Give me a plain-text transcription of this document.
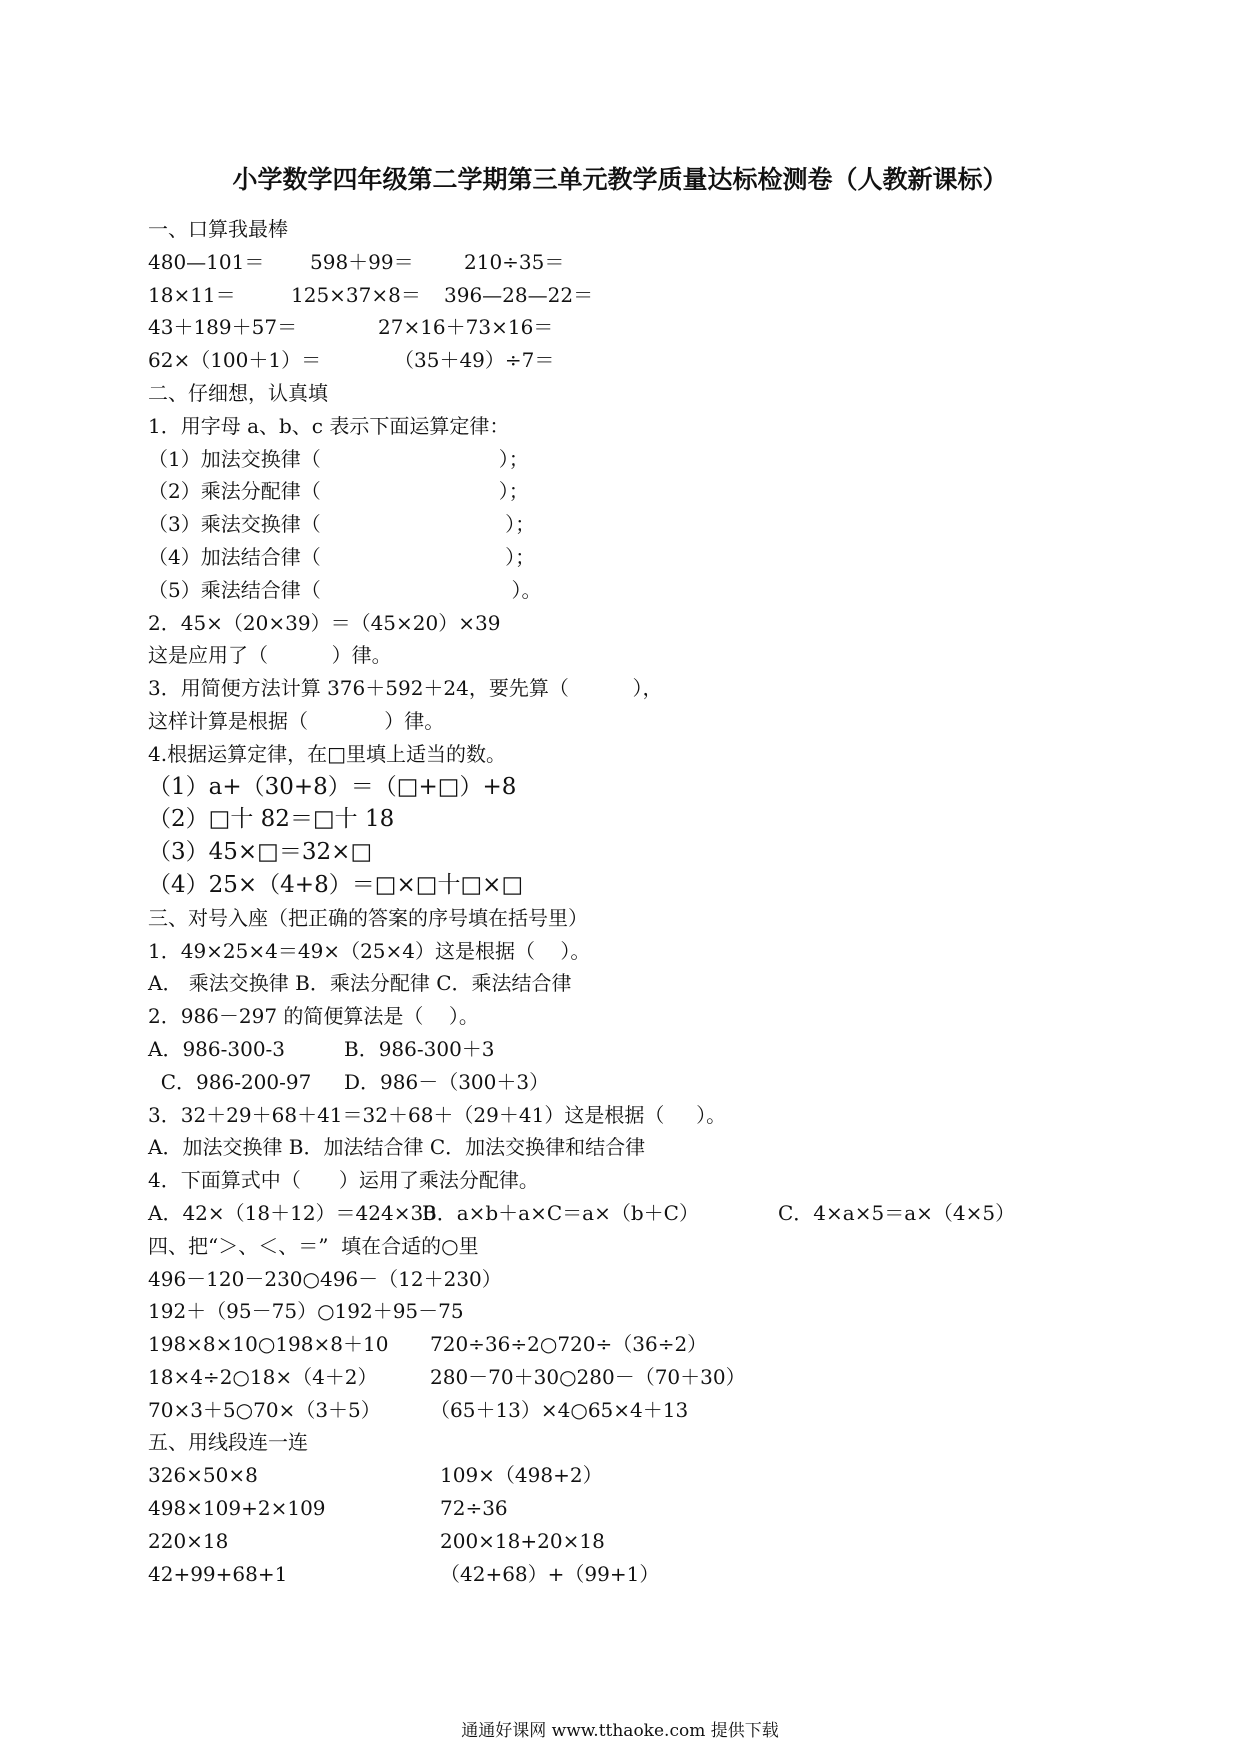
小学数学四年级第二学期第三单元教学质量达标检测卷（人教新课标）
一、口算我最棒
480—101＝ 598＋99＝	210÷35＝
18×11＝	125×37×8＝ 396—28—22＝
43＋189＋57＝	27×16＋73×16＝
62×（100＋1）＝	（35＋49）÷7＝
二、仔细想，认真填
1．用字母 a、b、c 表示下面运算定律：
（1）加法交换律（                            ）；
（2）乘法分配律（                            ）；
（3）乘法交换律（                             ）；
（4）加法结合律（                             ）；
（5）乘法结合律（                              ）。
2．45×（20×39）＝（45×20）×39
这是应用了（          ）律。
3．用简便方法计算 376＋592＋24，要先算（          ），
这样计算是根据（            ）律。
4.根据运算定律，在□里填上适当的数。
（1）a+（30+8）＝（□+□）+8
（2）□十 82＝□十 18
（3）45×□＝32×□
（4）25×（4+8）＝□×□十□×□
三、对号入座（把正确的答案的序号填在括号里）
1．49×25×4＝49×（25×4）这是根据（    ）。
A． 乘法交换律 B．乘法分配律 C．乘法结合律
2．986－297 的简便算法是（    ）。
A．986-300-3	B．986-300＋3
C．986-200-97 D．986－（300＋3）
3．32＋29＋68＋41＝32＋68＋（29＋41）这是根据（     ）。
A．加法交换律 B．加法结合律 C．加法交换律和结合律
4．下面算式中（      ）运用了乘法分配律。
A．42×（18＋12）＝424×30
B．a×b＋a×C＝a×（b＋C）	C．4×a×5＝a×（4×5）
四、把“＞、＜、＝”  填在合适的○里
496－120－230○496－（12＋230）
192＋（95－75）○192＋95－75
198×8×10○198×8＋10 720÷36÷2○720÷（36÷2）
18×4÷2○18×（4＋2）	280－70＋30○280－（70＋30）
70×3＋5○70×（3＋5） （65＋13）×4○65×4＋13
五、用线段连一连
326×50×8	109×（498+2）
498×109+2×109	72÷36
220×18	200×18+20×18
42+99+68+1	（42+68）+（99+1）
通通好课网 www.tthaoke.com 提供下载
